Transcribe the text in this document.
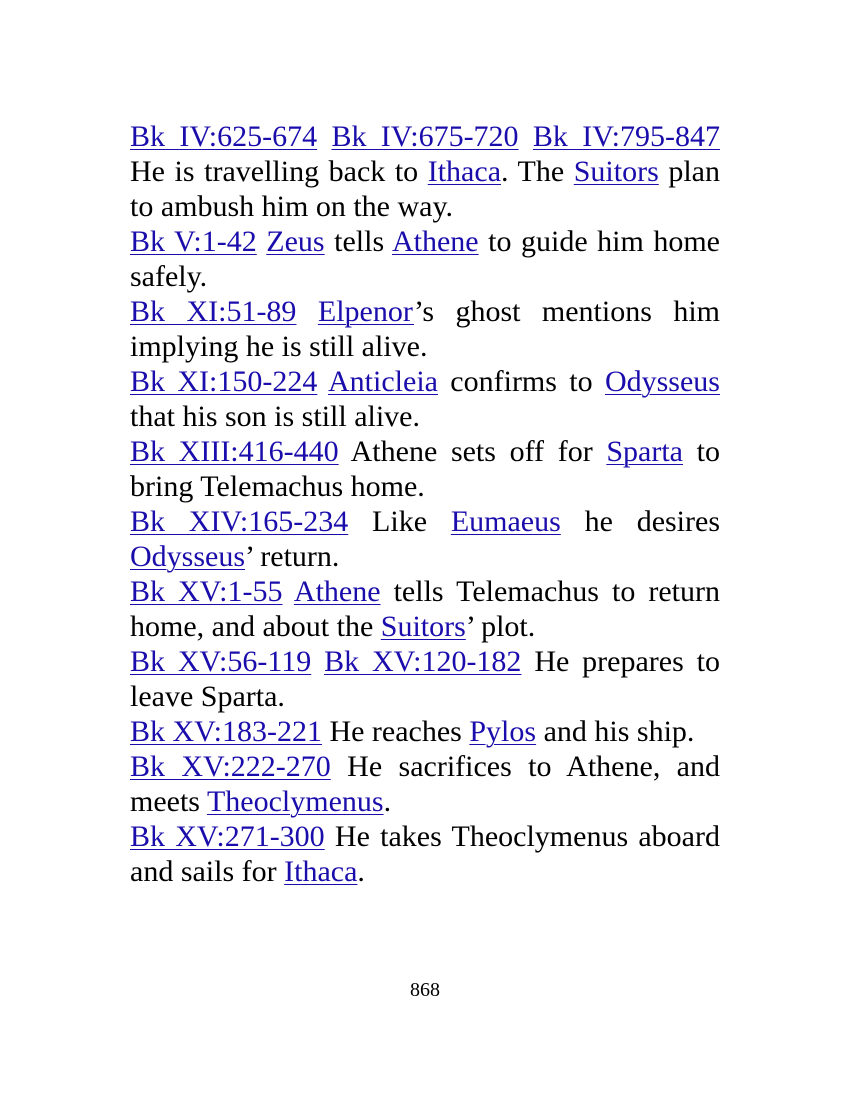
Bk IV:625-674 Bk IV:675-720 Bk IV:795-847 He is travelling back to Ithaca. The Suitors plan to ambush him on the way.

Bk V:1-42 Zeus tells Athene to guide him home safely.

Bk XI:51-89 Elpenor’s ghost mentions him implying he is still alive.

Bk XI:150-224 Anticleia confirms to Odysseus that his son is still alive.

Bk XIII:416-440 Athene sets off for Sparta to bring Telemachus home.

Bk XIV:165-234 Like Eumaeus he desires Odysseus’ return.

Bk XV:1-55 Athene tells Telemachus to return home, and about the Suitors’ plot.

Bk XV:56-119 Bk XV:120-182 He prepares to leave Sparta.

Bk XV:183-221 He reaches Pylos and his ship.

Bk XV:222-270 He sacrifices to Athene, and meets Theoclymenus.

Bk XV:271-300 He takes Theoclymenus aboard and sails for Ithaca.

868
